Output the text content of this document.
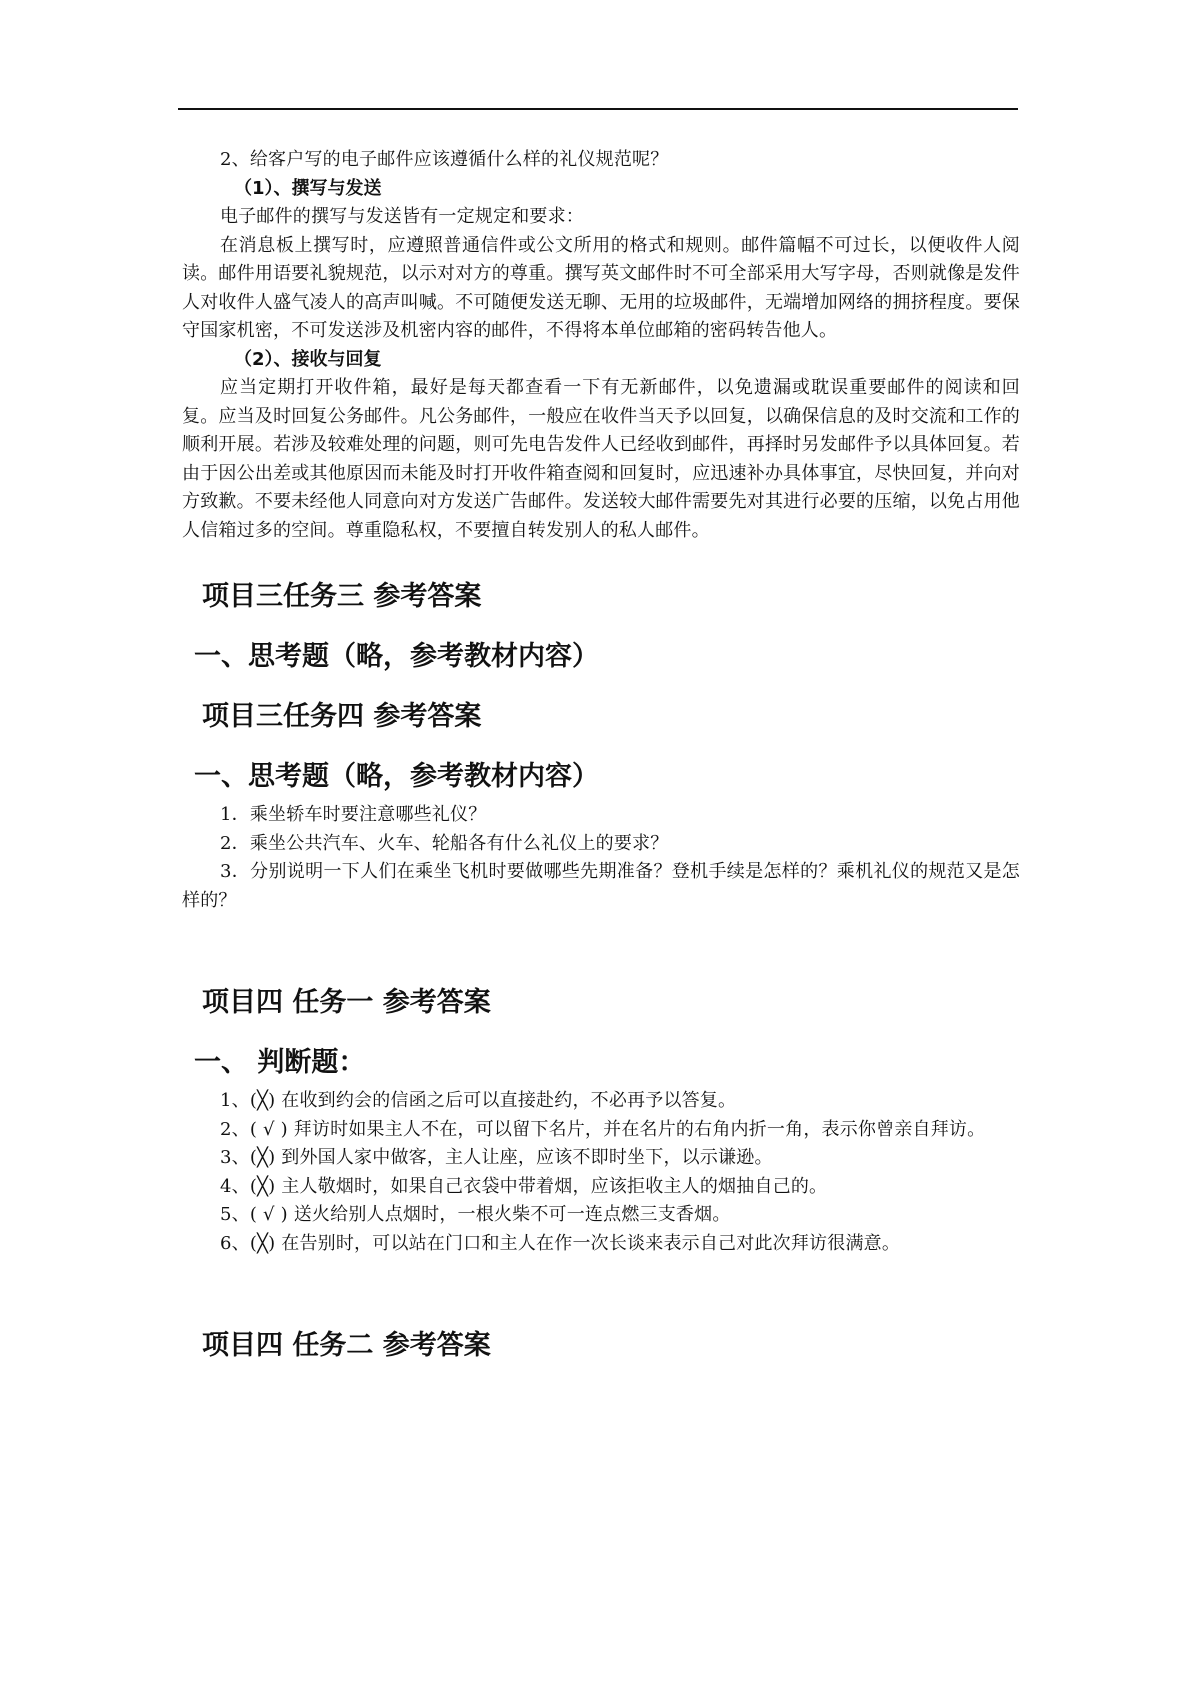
2、给客户写的电子邮件应该遵循什么样的礼仪规范呢？

（1）、撰写与发送

电子邮件的撰写与发送皆有一定规定和要求：

在消息板上撰写时，应遵照普通信件或公文所用的格式和规则。邮件篇幅不可过长，以便收件人阅读。邮件用语要礼貌规范，以示对对方的尊重。撰写英文邮件时不可全部采用大写字母，否则就像是发件人对收件人盛气凌人的高声叫喊。不可随便发送无聊、无用的垃圾邮件，无端增加网络的拥挤程度。要保守国家机密，不可发送涉及机密内容的邮件，不得将本单位邮箱的密码转告他人。

（2）、接收与回复

应当定期打开收件箱，最好是每天都查看一下有无新邮件，以免遗漏或耽误重要邮件的阅读和回复。应当及时回复公务邮件。凡公务邮件，一般应在收件当天予以回复，以确保信息的及时交流和工作的顺利开展。若涉及较难处理的问题，则可先电告发件人已经收到邮件，再择时另发邮件予以具体回复。若由于因公出差或其他原因而未能及时打开收件箱查阅和回复时，应迅速补办具体事宜，尽快回复，并向对方致歉。不要未经他人同意向对方发送广告邮件。发送较大邮件需要先对其进行必要的压缩，以免占用他人信箱过多的空间。尊重隐私权，不要擅自转发别人的私人邮件。

项目三任务三 参考答案

一、思考题（略，参考教材内容）

项目三任务四 参考答案

一、思考题（略，参考教材内容）

1．乘坐轿车时要注意哪些礼仪？

2．乘坐公共汽车、火车、轮船各有什么礼仪上的要求？

3．分别说明一下人们在乘坐飞机时要做哪些先期准备？登机手续是怎样的？乘机礼仪的规范又是怎样的？

项目四 任务一 参考答案

一、 判断题：

1、(╳) 在收到约会的信函之后可以直接赴约，不必再予以答复。

2、( √ ) 拜访时如果主人不在，可以留下名片，并在名片的右角内折一角，表示你曾亲自拜访。

3、(╳) 到外国人家中做客，主人让座，应该不即时坐下，以示谦逊。

4、(╳) 主人敬烟时，如果自己衣袋中带着烟，应该拒收主人的烟抽自己的。

5、( √ ) 送火给别人点烟时，一根火柴不可一连点燃三支香烟。

6、(╳) 在告别时，可以站在门口和主人在作一次长谈来表示自己对此次拜访很满意。

项目四 任务二 参考答案
